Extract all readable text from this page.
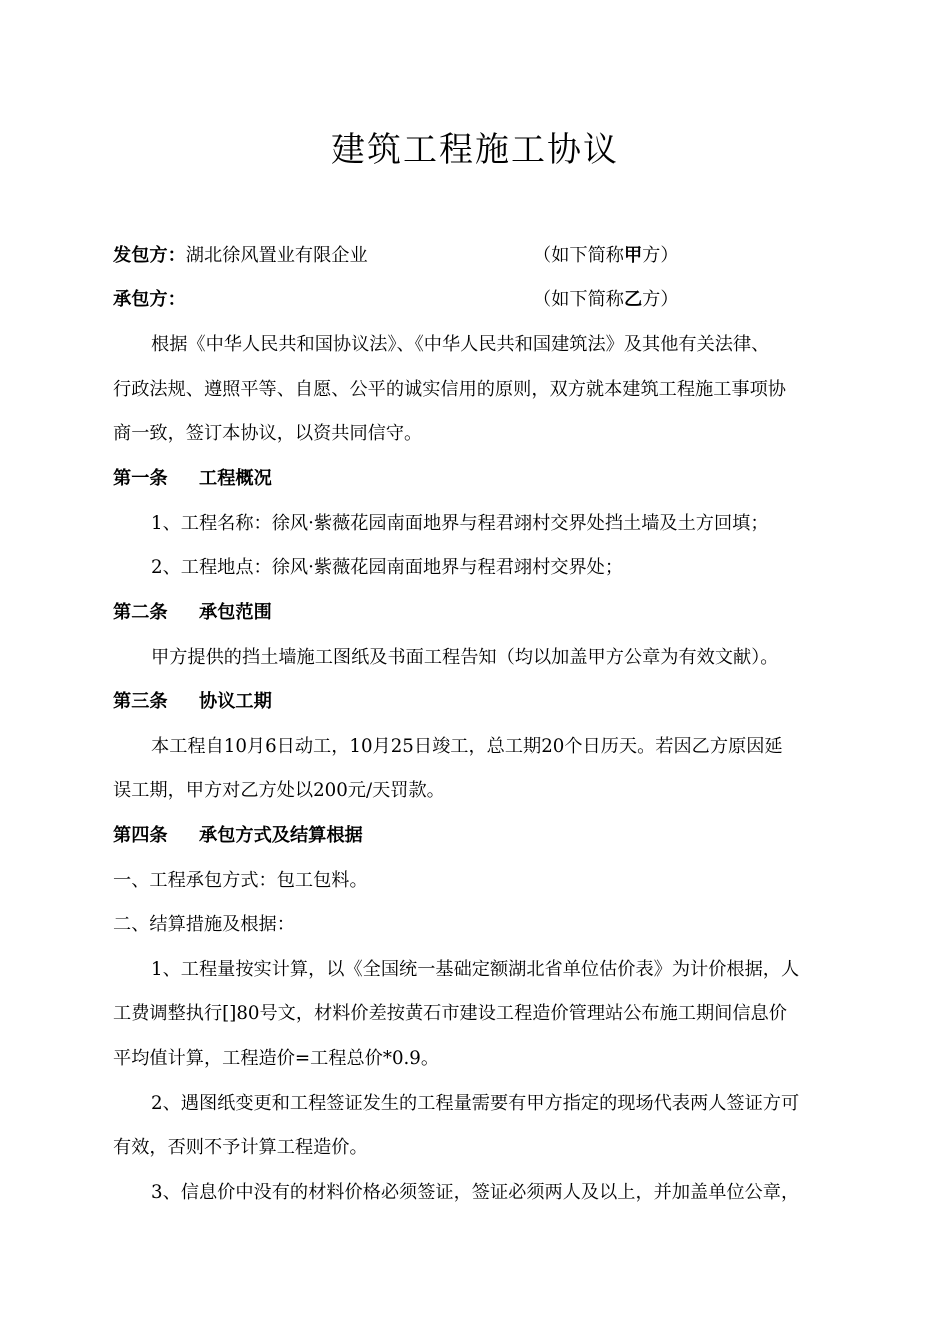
建筑工程施工协议
发包方：湖北徐风置业有限企业	（如下简称甲方）
承包方：	（如下简称乙方）
根据《中华人民共和国协议法》、《中华人民共和国建筑法》及其他有关法律、
行政法规、遵照平等、自愿、公平的诚实信用的原则，双方就本建筑工程施工事项协
商一致，签订本协议，以资共同信守。
第一条 工程概况
1、工程名称：徐风·紫薇花园南面地界与程君翊村交界处挡土墙及土方回填；
2、工程地点：徐风·紫薇花园南面地界与程君翊村交界处；
第二条 承包范围
甲方提供的挡土墙施工图纸及书面工程告知（均以加盖甲方公章为有效文献）。
第三条 协议工期
本工程自10月6日动工，10月25日竣工，总工期20个日历天。若因乙方原因延
误工期，甲方对乙方处以200元/天罚款。
第四条 承包方式及结算根据
一、工程承包方式：包工包料。
二、结算措施及根据：
1、工程量按实计算，以《全国统一基础定额湖北省单位估价表》为计价根据，人
工费调整执行[]80号文，材料价差按黄石市建设工程造价管理站公布施工期间信息价
平均值计算，工程造价=工程总价*0.9。
2、遇图纸变更和工程签证发生的工程量需要有甲方指定的现场代表两人签证方可
有效，否则不予计算工程造价。
3、信息价中没有的材料价格必须签证，签证必须两人及以上，并加盖单位公章，
